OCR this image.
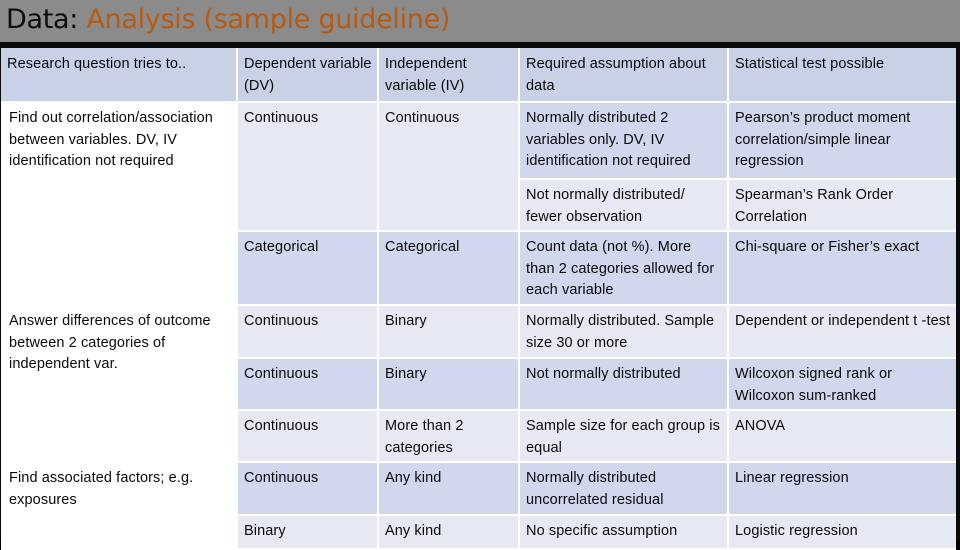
Data: Analysis (sample guideline)
Research question tries to..	Dependent variable (DV)	Independent variable (IV)	Required assumption about data	Statistical test possible
Find out correlation/association between variables. DV, IV identification not required	Continuous	Continuous	Normally distributed 2 variables only. DV, IV identification not required	Pearson’s product moment correlation/simple linear regression
			Not normally distributed/ fewer observation	Spearman’s Rank Order Correlation
	Categorical	Categorical	Count data (not %). More than 2 categories allowed for each variable	Chi-square or Fisher’s exact
Answer differences of outcome between 2 categories of independent var.	Continuous	Binary	Normally distributed. Sample size 30 or more	Dependent or independent t -test
	Continuous	Binary	Not normally distributed	Wilcoxon signed rank or Wilcoxon sum-ranked
	Continuous	More than 2 categories	Sample size for each group is equal	ANOVA
Find associated factors; e.g. exposures	Continuous	Any kind	Normally distributed uncorrelated residual	Linear regression
	Binary	Any kind	No specific assumption	Logistic regression
